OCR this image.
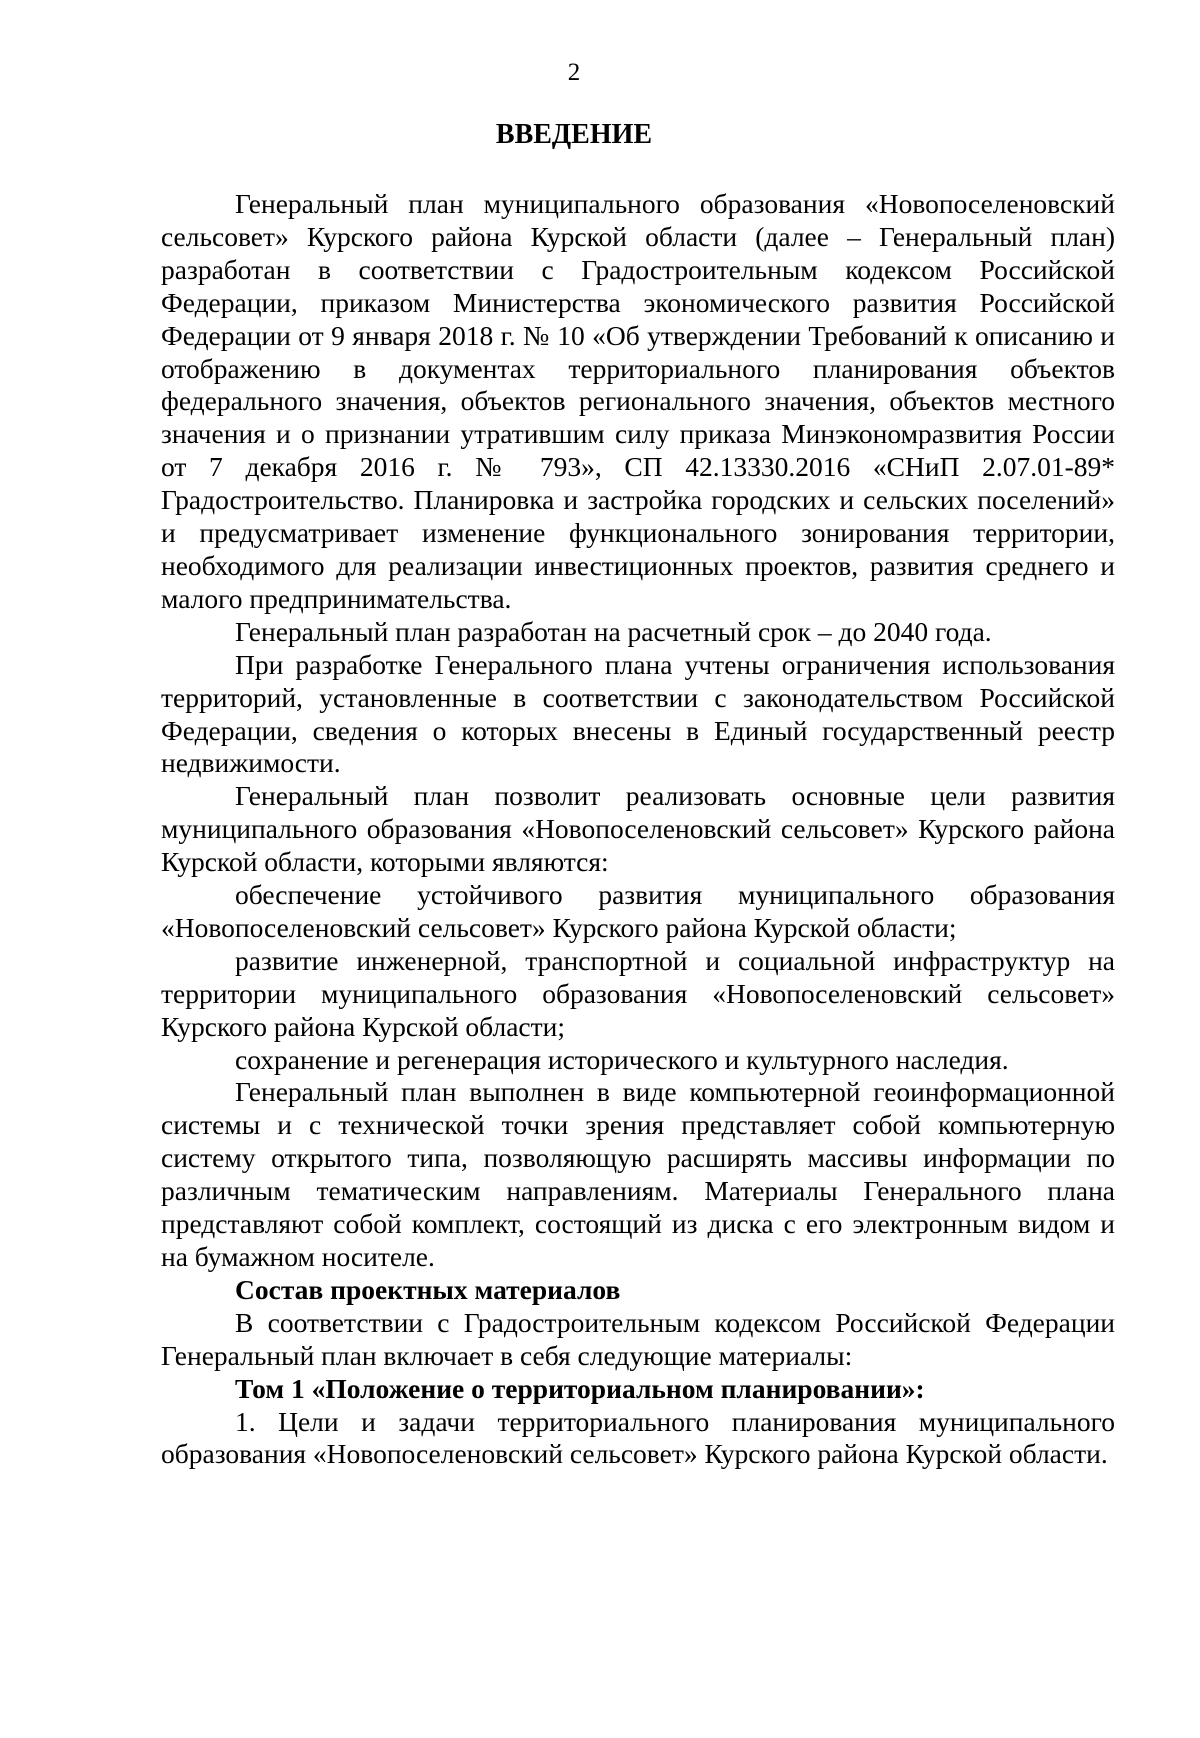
2
ВВЕДЕНИЕ

Генеральный план муниципального образования «Новопоселеновский сельсовет» Курского района Курской области (далее – Генеральный план) разработан в соответствии с Градостроительным кодексом Российской Федерации, приказом Министерства экономического развития Российской Федерации от 9 января 2018 г. № 10 «Об утверждении Требований к описанию и отображению в документах территориального планирования объектов федерального значения, объектов регионального значения, объектов местного значения и о признании утратившим силу приказа Минэкономразвития России от 7 декабря 2016 г. № 793», СП 42.13330.2016 «СНиП 2.07.01-89* Градостроительство. Планировка и застройка городских и сельских поселений» и предусматривает изменение функционального зонирования территории, необходимого для реализации инвестиционных проектов, развития среднего и малого предпринимательства.

Генеральный план разработан на расчетный срок – до 2040 года.

При разработке Генерального плана учтены ограничения использования территорий, установленные в соответствии с законодательством Российской Федерации, сведения о которых внесены в Единый государственный реестр недвижимости.

Генеральный план позволит реализовать основные цели развития муниципального образования «Новопоселеновский сельсовет» Курского района Курской области, которыми являются:

обеспечение устойчивого развития муниципального образования «Новопоселеновский сельсовет» Курского района Курской области;

развитие инженерной, транспортной и социальной инфраструктур на территории муниципального образования «Новопоселеновский сельсовет» Курского района Курской области;

сохранение и регенерация исторического и культурного наследия.

Генеральный план выполнен в виде компьютерной геоинформационной системы и с технической точки зрения представляет собой компьютерную систему открытого типа, позволяющую расширять массивы информации по различным тематическим направлениям. Материалы Генерального плана представляют собой комплект, состоящий из диска с его электронным видом и на бумажном носителе.

Состав проектных материалов

В соответствии с Градостроительным кодексом Российской Федерации Генеральный план включает в себя следующие материалы:

Том 1 «Положение о территориальном планировании»:

1. Цели и задачи территориального планирования муниципального образования «Новопоселеновский сельсовет» Курского района Курской области.
